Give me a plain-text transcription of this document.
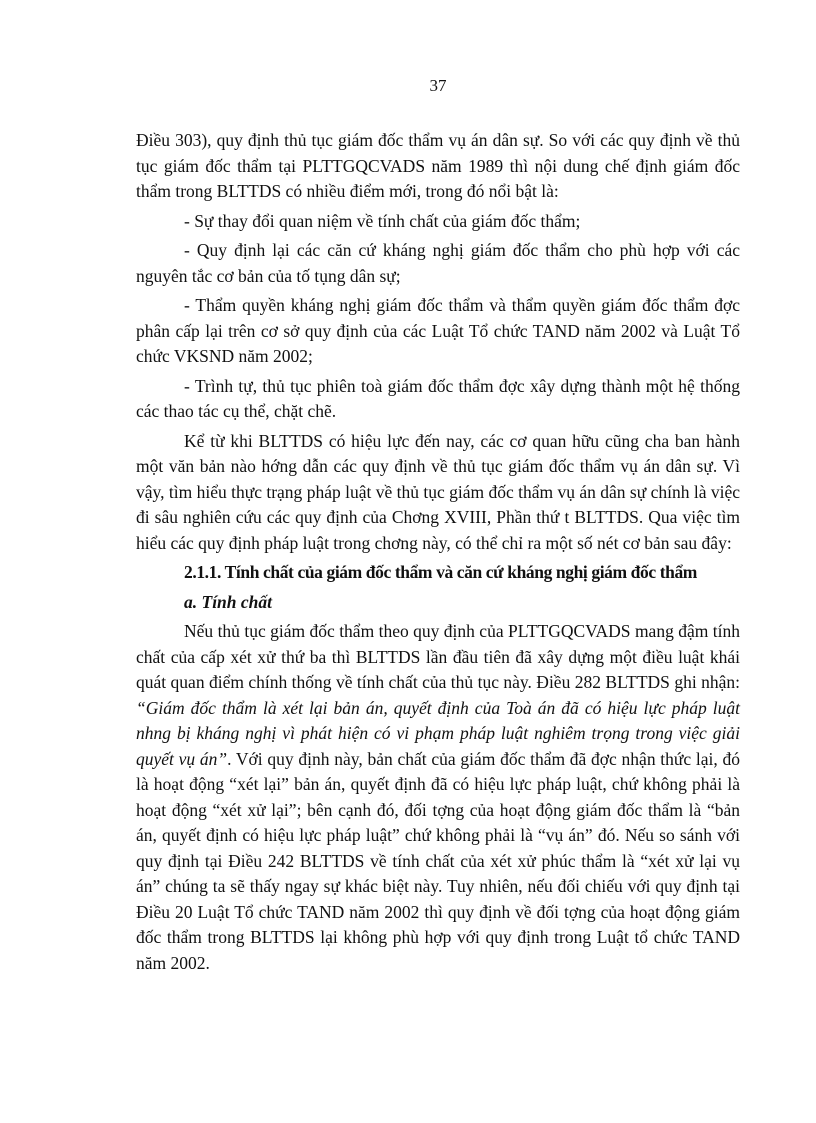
37

Điều 303), quy định thủ tục giám đốc thẩm vụ án dân sự. So với các quy định về thủ tục giám đốc thẩm tại PLTTGQCVADS năm 1989 thì nội dung chế định giám đốc thẩm trong BLTTDS có nhiều điểm mới, trong đó nổi bật là:

- Sự thay đổi quan niệm về tính chất của giám đốc thẩm;

- Quy định lại các căn cứ kháng nghị giám đốc thẩm cho phù hợp với các nguyên tắc cơ bản của tố tụng dân sự;

- Thẩm quyền kháng nghị giám đốc thẩm và thẩm quyền giám đốc thẩm đợc phân cấp lại trên cơ sở quy định của các Luật Tổ chức TAND năm 2002 và Luật Tổ chức VKSND năm 2002;

- Trình tự, thủ tục phiên toà giám đốc thẩm đợc xây dựng thành một hệ thống các thao tác cụ thể, chặt chẽ.

Kể từ khi BLTTDS có hiệu lực đến nay, các cơ quan hữu cũng cha ban hành một văn bản nào hớng dẫn các quy định về thủ tục giám đốc thẩm vụ án dân sự. Vì vậy, tìm hiểu thực trạng pháp luật về thủ tục giám đốc thẩm vụ án dân sự chính là việc đi sâu nghiên cứu các quy định của Chơng XVIII, Phần thứ t BLTTDS. Qua việc tìm hiểu các quy định pháp luật trong chơng này, có thể chỉ ra một số nét cơ bản sau đây:

2.1.1. Tính chất của giám đốc thẩm và căn cứ kháng nghị giám đốc thẩm
a. Tính chất

Nếu thủ tục giám đốc thẩm theo quy định của PLTTGQCVADS mang đậm tính chất của cấp xét xử thứ ba thì BLTTDS lần đầu tiên đã xây dựng một điều luật khái quát quan điểm chính thống về tính chất của thủ tục này. Điều 282 BLTTDS ghi nhận: “Giám đốc thẩm là xét lại bản án, quyết định của Toà án đã có hiệu lực pháp luật nhng bị kháng nghị vì phát hiện có vi phạm pháp luật nghiêm trọng trong việc giải quyết vụ án”. Với quy định này, bản chất của giám đốc thẩm đã đợc nhận thức lại, đó là hoạt động “xét lại” bản án, quyết định đã có hiệu lực pháp luật, chứ không phải là hoạt động “xét xử lại”; bên cạnh đó, đối tợng của hoạt động giám đốc thẩm là “bản án, quyết định có hiệu lực pháp luật” chứ không phải là “vụ án” đó. Nếu so sánh với quy định tại Điều 242 BLTTDS về tính chất của xét xử phúc thẩm là “xét xử lại vụ án” chúng ta sẽ thấy ngay sự khác biệt này. Tuy nhiên, nếu đối chiếu với quy định tại Điều 20 Luật Tổ chức TAND năm 2002 thì quy định về đối tợng của hoạt động giám đốc thẩm trong BLTTDS lại không phù hợp với quy định trong Luật tổ chức TAND năm 2002.
